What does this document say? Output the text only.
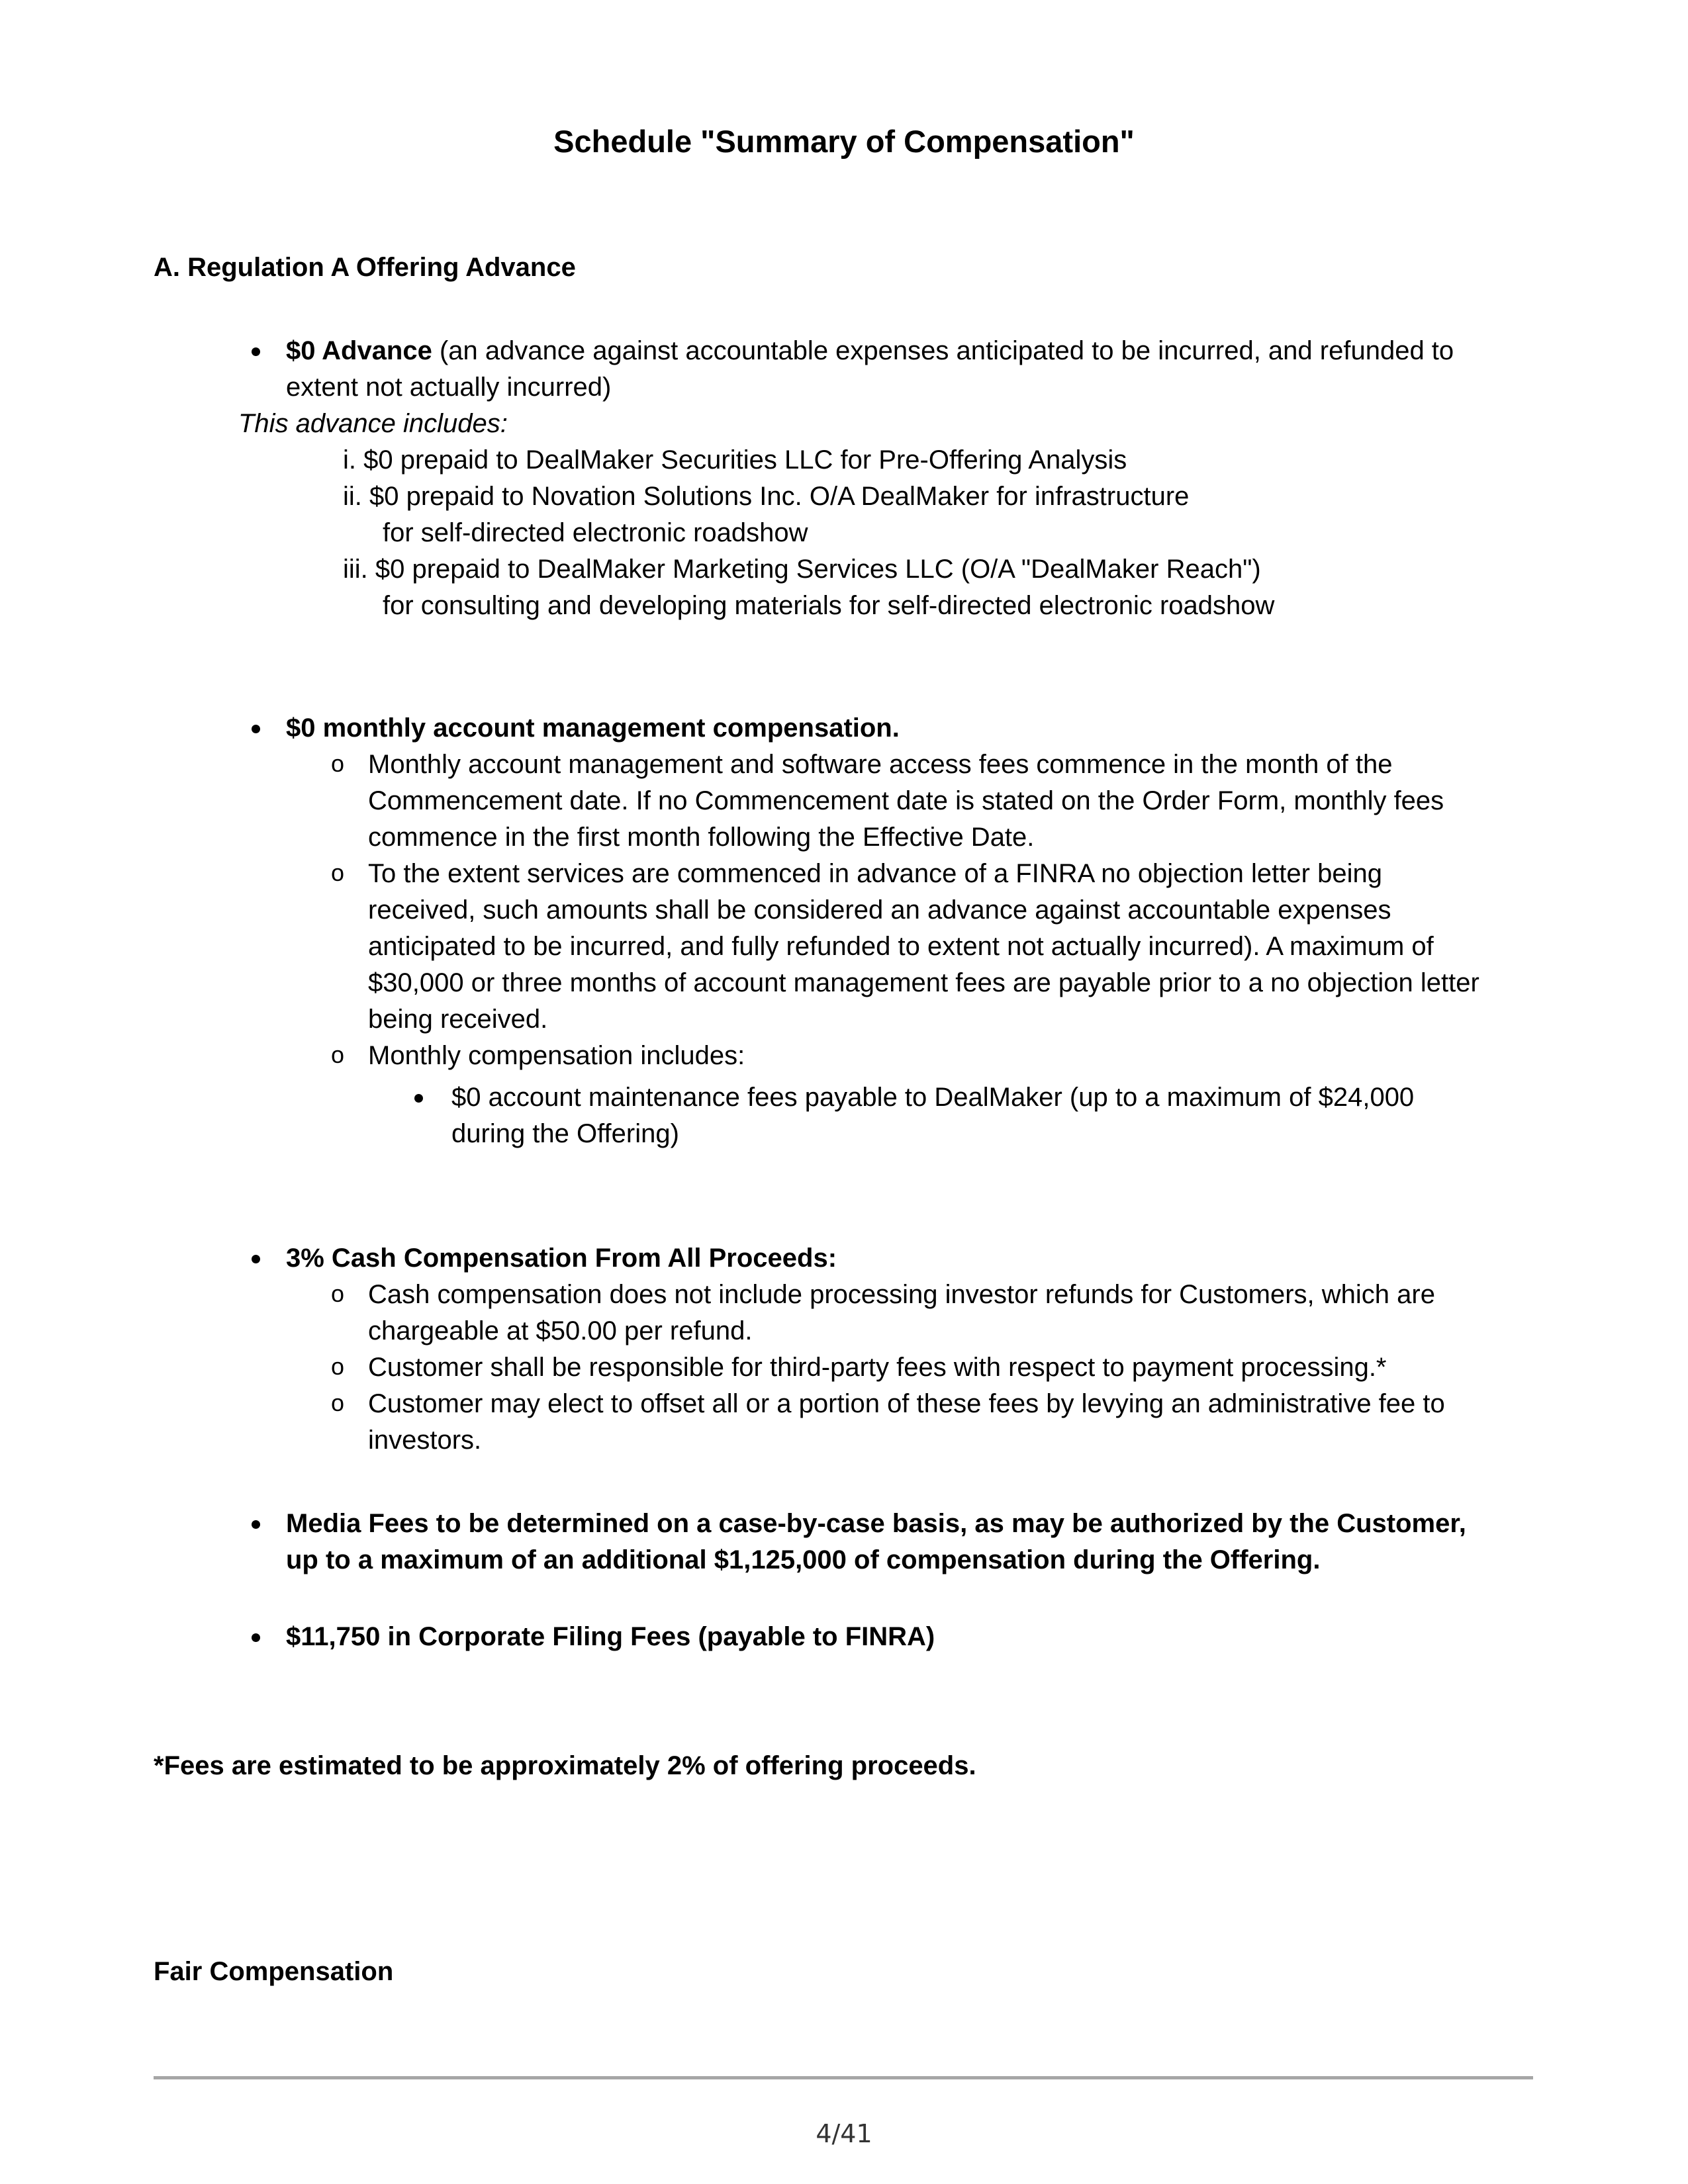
Schedule "Summary of Compensation"
A. Regulation A Offering Advance
$0 Advance (an advance against accountable expenses anticipated to be incurred, and refunded to
extent not actually incurred)
This advance includes:
i. $0 prepaid to DealMaker Securities LLC for Pre-Offering Analysis
ii. $0 prepaid to Novation Solutions Inc. O/A DealMaker for infrastructure
for self-directed electronic roadshow
iii. $0 prepaid to DealMaker Marketing Services LLC (O/A "DealMaker Reach")
for consulting and developing materials for self-directed electronic roadshow
$0 monthly account management compensation.
o Monthly account management and software access fees commence in the month of the
Commencement date. If no Commencement date is stated on the Order Form, monthly fees
commence in the first month following the Effective Date.
o To the extent services are commenced in advance of a FINRA no objection letter being
received, such amounts shall be considered an advance against accountable expenses
anticipated to be incurred, and fully refunded to extent not actually incurred). A maximum of
$30,000 or three months of account management fees are payable prior to a no objection letter
being received.
o Monthly compensation includes:
$0 account maintenance fees payable to DealMaker (up to a maximum of $24,000
during the Offering)
3% Cash Compensation From All Proceeds:
o Cash compensation does not include processing investor refunds for Customers, which are
chargeable at $50.00 per refund.
o Customer shall be responsible for third-party fees with respect to payment processing.*
o Customer may elect to offset all or a portion of these fees by levying an administrative fee to
investors.
Media Fees to be determined on a case-by-case basis, as may be authorized by the Customer,
up to a maximum of an additional $1,125,000 of compensation during the Offering.
$11,750 in Corporate Filing Fees (payable to FINRA)
*Fees are estimated to be approximately 2% of offering proceeds.
Fair Compensation
4/41
